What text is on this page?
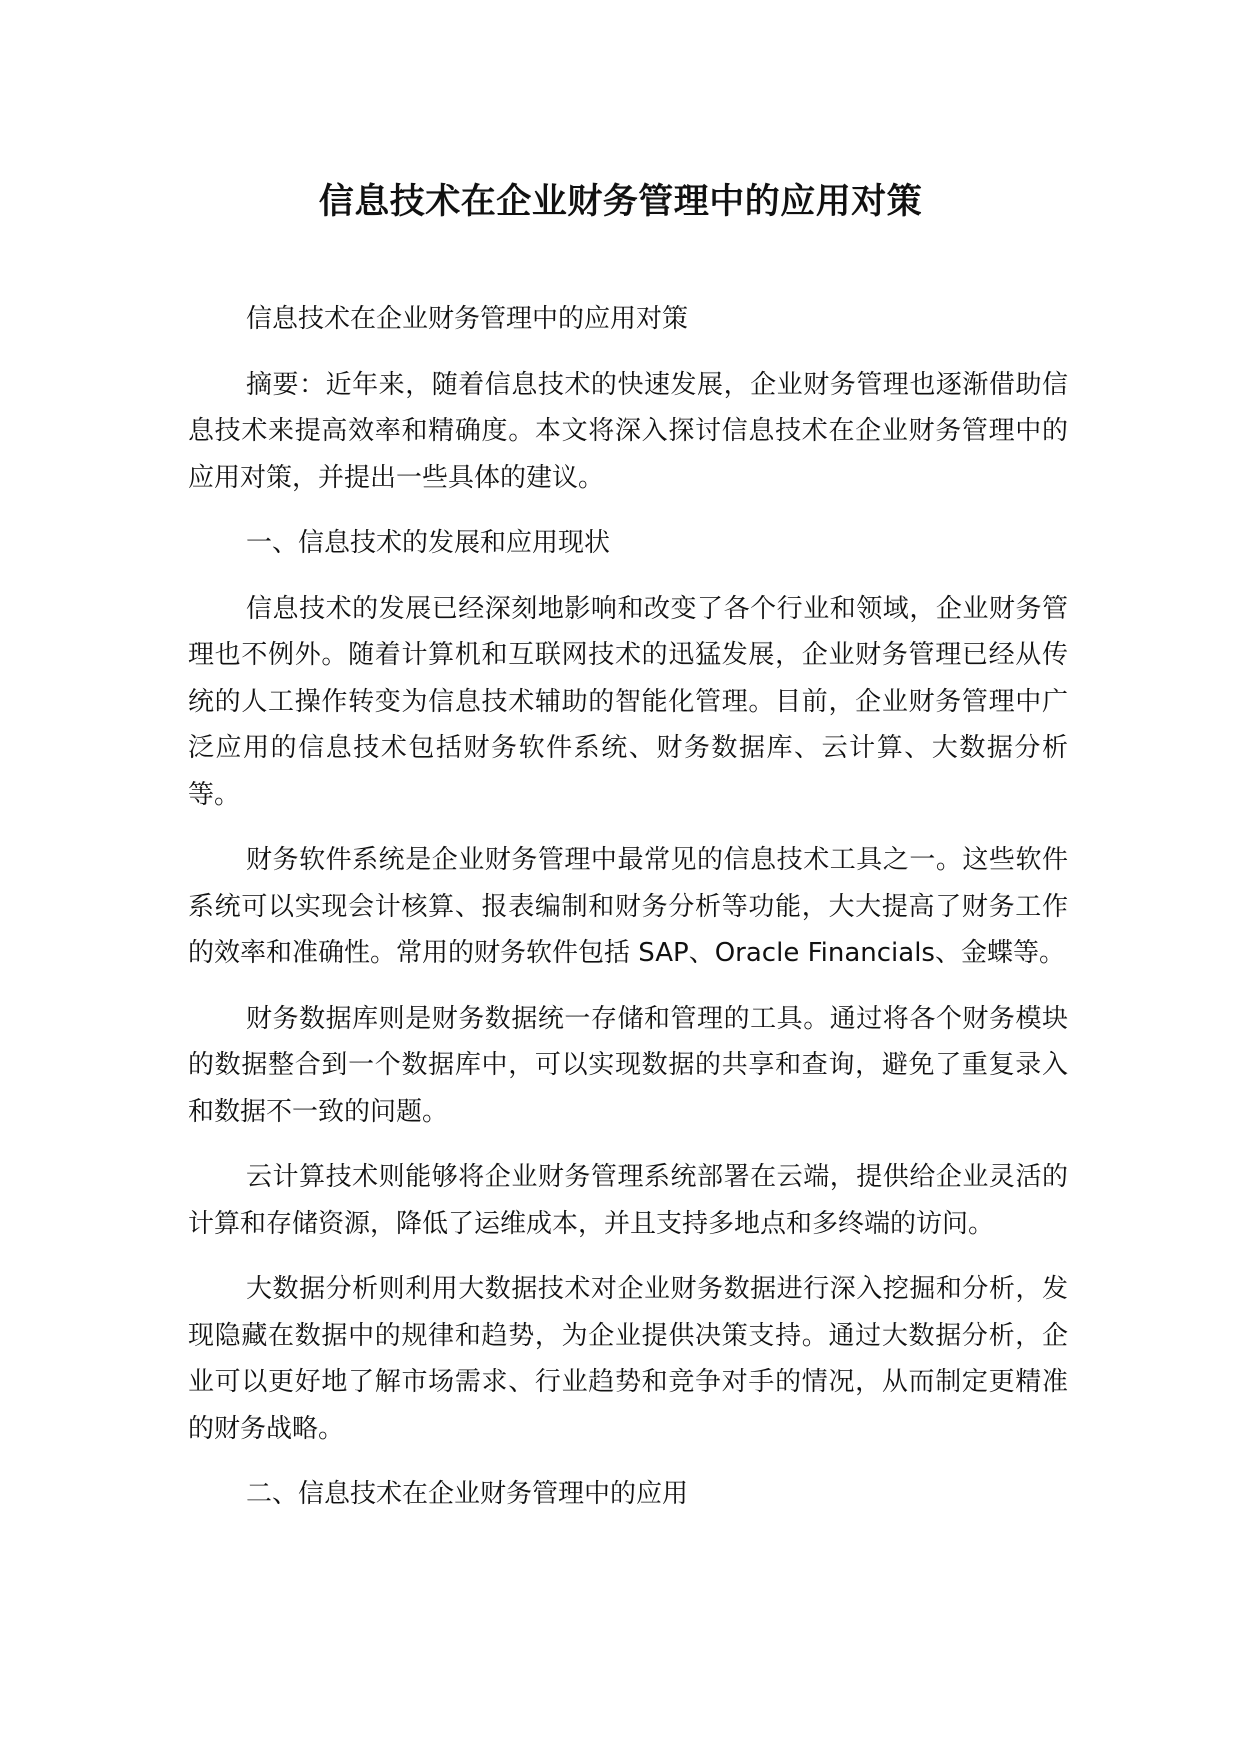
信息技术在企业财务管理中的应用对策

信息技术在企业财务管理中的应用对策

摘要：近年来，随着信息技术的快速发展，企业财务管理也逐渐借助信息技术来提高效率和精确度。本文将深入探讨信息技术在企业财务管理中的应用对策，并提出一些具体的建议。

一、信息技术的发展和应用现状

信息技术的发展已经深刻地影响和改变了各个行业和领域，企业财务管理也不例外。随着计算机和互联网技术的迅猛发展，企业财务管理已经从传统的人工操作转变为信息技术辅助的智能化管理。目前，企业财务管理中广泛应用的信息技术包括财务软件系统、财务数据库、云计算、大数据分析等。

财务软件系统是企业财务管理中最常见的信息技术工具之一。这些软件系统可以实现会计核算、报表编制和财务分析等功能，大大提高了财务工作的效率和准确性。常用的财务软件包括 SAP、Oracle Financials、金蝶等。

财务数据库则是财务数据统一存储和管理的工具。通过将各个财务模块的数据整合到一个数据库中，可以实现数据的共享和查询，避免了重复录入和数据不一致的问题。

云计算技术则能够将企业财务管理系统部署在云端，提供给企业灵活的计算和存储资源，降低了运维成本，并且支持多地点和多终端的访问。

大数据分析则利用大数据技术对企业财务数据进行深入挖掘和分析，发现隐藏在数据中的规律和趋势，为企业提供决策支持。通过大数据分析，企业可以更好地了解市场需求、行业趋势和竞争对手的情况，从而制定更精准的财务战略。

二、信息技术在企业财务管理中的应用
